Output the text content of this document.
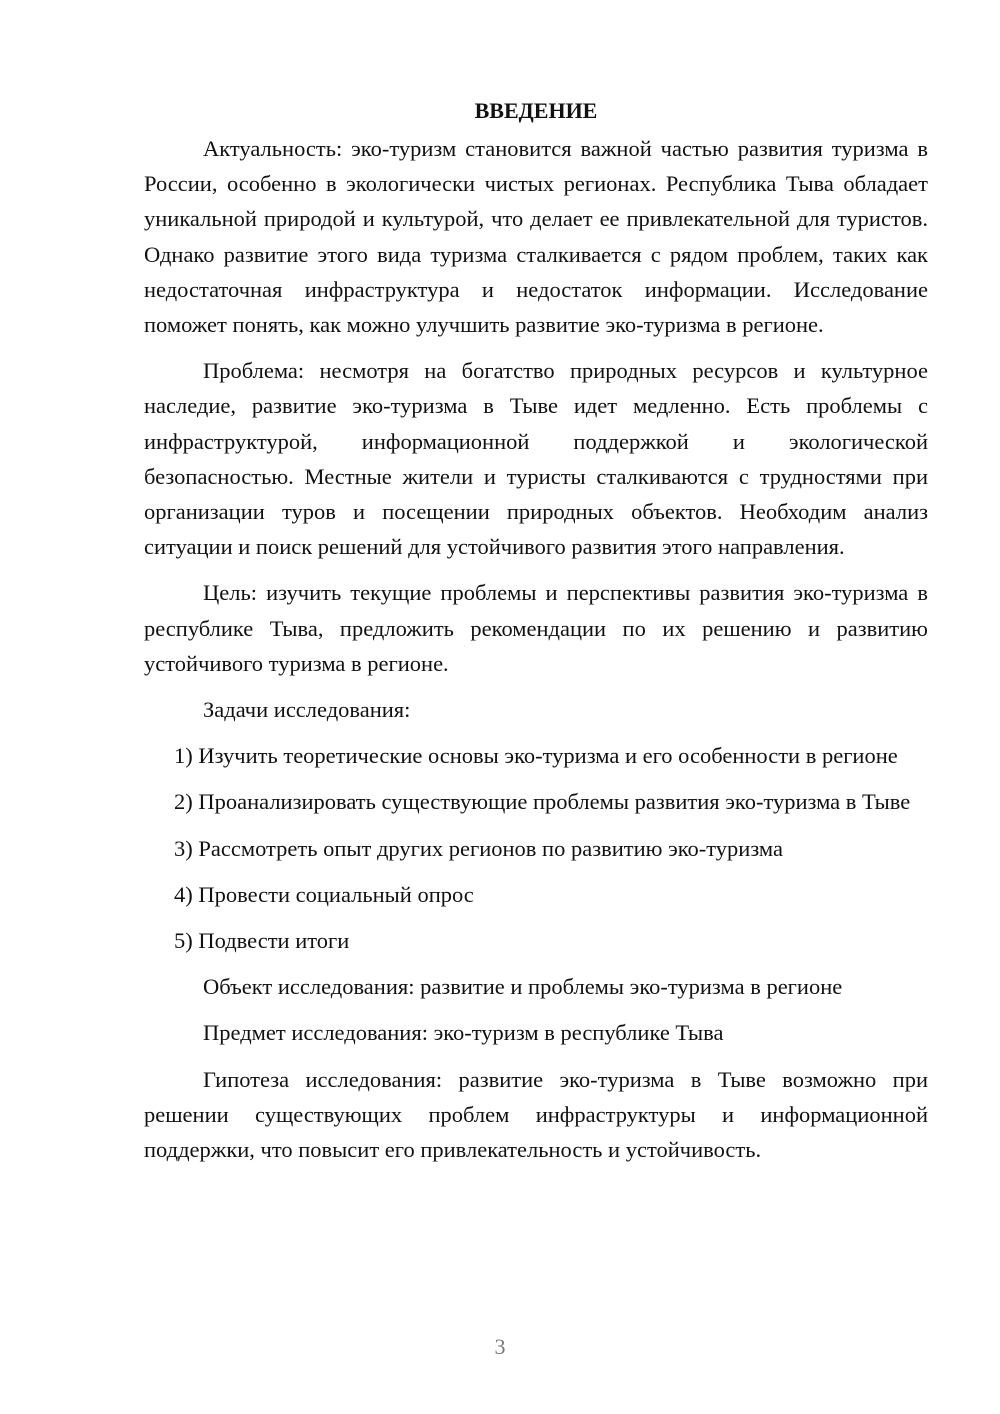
ВВЕДЕНИЕ

Актуальность: эко-туризм становится важной частью развития туризма в России, особенно в экологически чистых регионах. Республика Тыва обладает уникальной природой и культурой, что делает ее привлекательной для туристов. Однако развитие этого вида туризма сталкивается с рядом проблем, таких как недостаточная инфраструктура и недостаток информации. Исследование поможет понять, как можно улучшить развитие эко-туризма в регионе.

Проблема: несмотря на богатство природных ресурсов и культурное наследие, развитие эко-туризма в Тыве идет медленно. Есть проблемы с инфраструктурой, информационной поддержкой и экологической безопасностью. Местные жители и туристы сталкиваются с трудностями при организации туров и посещении природных объектов. Необходим анализ ситуации и поиск решений для устойчивого развития этого направления.

Цель: изучить текущие проблемы и перспективы развития эко-туризма в республике Тыва, предложить рекомендации по их решению и развитию устойчивого туризма в регионе.

Задачи исследования:

1) Изучить теоретические основы эко-туризма и его особенности в регионе

2) Проанализировать существующие проблемы развития эко-туризма в Тыве

3) Рассмотреть опыт других регионов по развитию эко-туризма

4) Провести социальный опрос

5) Подвести итоги

Объект исследования: развитие и проблемы эко-туризма в регионе

Предмет исследования: эко-туризм в республике Тыва

Гипотеза исследования: развитие эко-туризма в Тыве возможно при решении существующих проблем инфраструктуры и информационной поддержки, что повысит его привлекательность и устойчивость.

3
